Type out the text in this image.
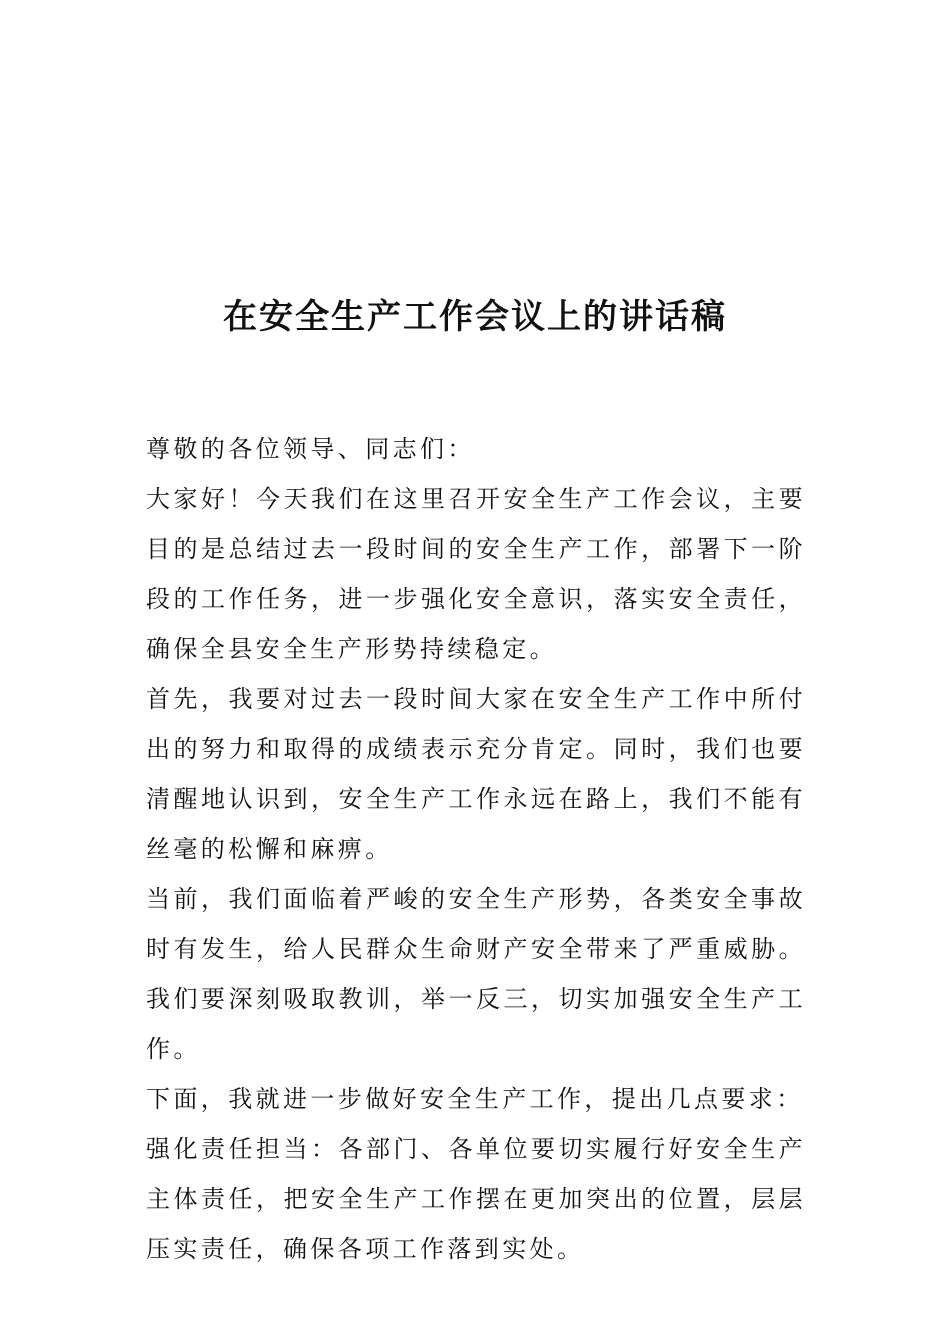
在安全生产工作会议上的讲话稿

尊敬的各位领导、同志们：

大家好！今天我们在这里召开安全生产工作会议，主要目的是总结过去一段时间的安全生产工作，部署下一阶段的工作任务，进一步强化安全意识，落实安全责任，确保全县安全生产形势持续稳定。

首先，我要对过去一段时间大家在安全生产工作中所付出的努力和取得的成绩表示充分肯定。同时，我们也要清醒地认识到，安全生产工作永远在路上，我们不能有丝毫的松懈和麻痹。

当前，我们面临着严峻的安全生产形势，各类安全事故时有发生，给人民群众生命财产安全带来了严重威胁。我们要深刻吸取教训，举一反三，切实加强安全生产工作。

下面，我就进一步做好安全生产工作，提出几点要求：

强化责任担当：各部门、各单位要切实履行好安全生产主体责任，把安全生产工作摆在更加突出的位置，层层压实责任，确保各项工作落到实处。
